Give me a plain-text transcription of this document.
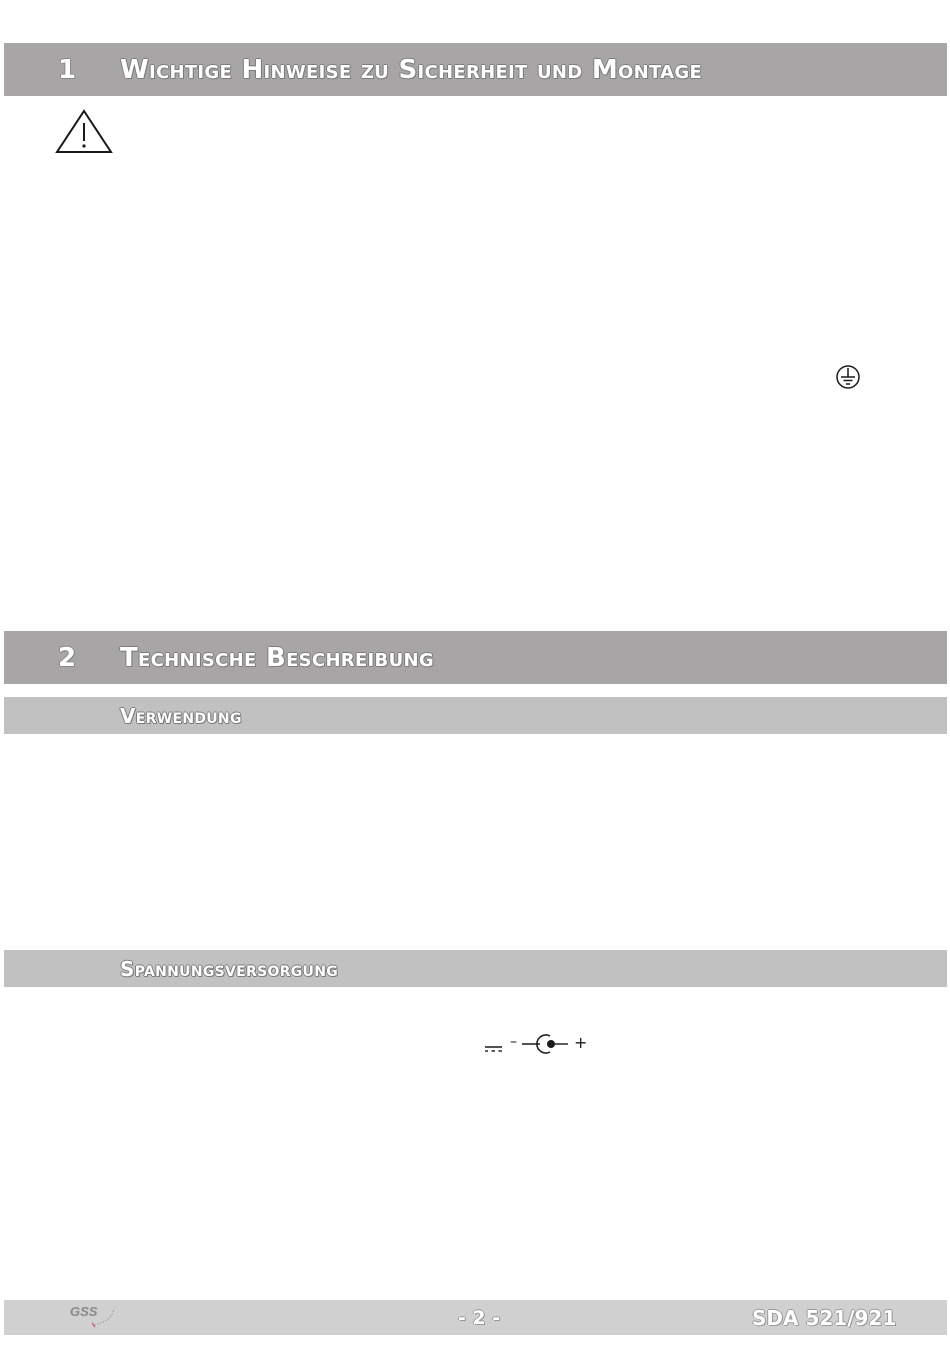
1	Wichtige Hinweise zu Sicherheit und Montage
2	Technische Beschreibung
Verwendung
Spannungsversorgung
–	+
GSS	- 2 -	SDA 521/921
